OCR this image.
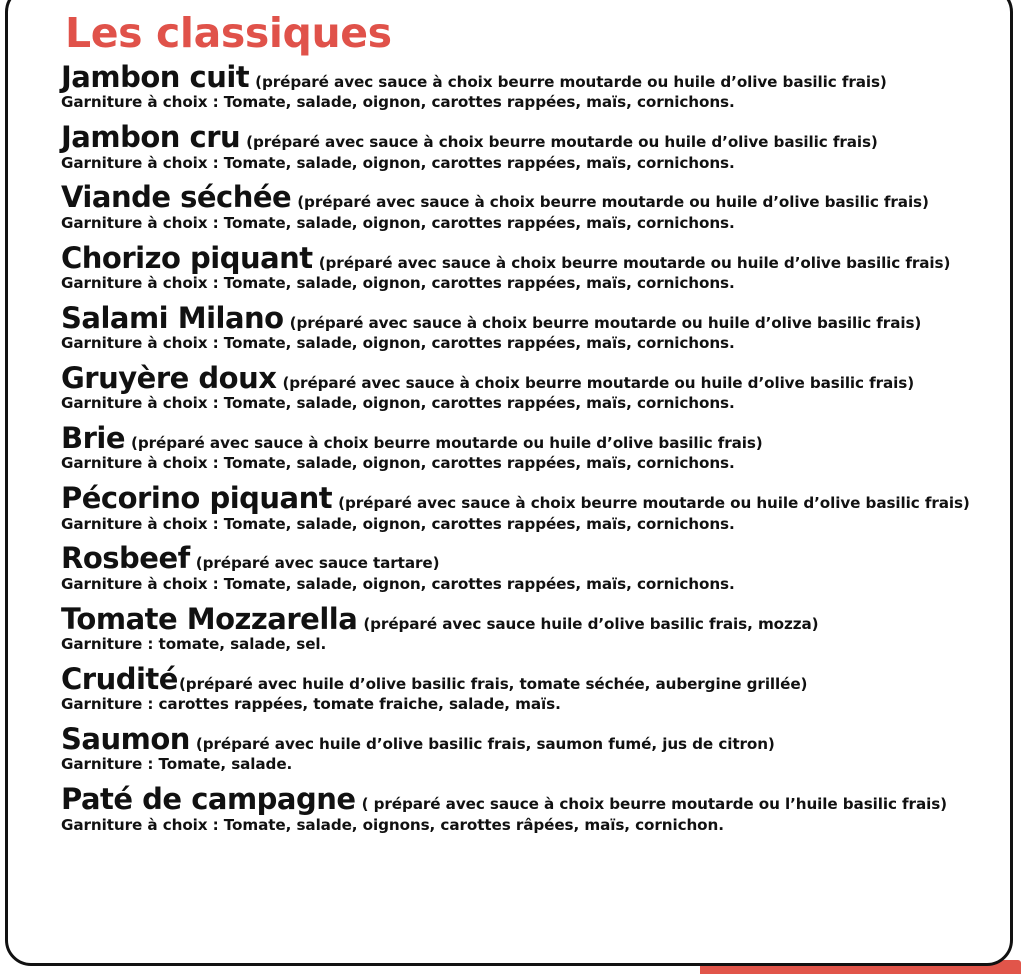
Les classiques
Jambon cuit (préparé avec sauce à choix beurre moutarde ou huile d’olive basilic frais)
Garniture à choix : Tomate, salade, oignon, carottes rappées, maïs, cornichons.
Jambon cru (préparé avec sauce à choix beurre moutarde ou huile d’olive basilic frais)
Garniture à choix : Tomate, salade, oignon, carottes rappées, maïs, cornichons.
Viande séchée (préparé avec sauce à choix beurre moutarde ou huile d’olive basilic frais)
Garniture à choix : Tomate, salade, oignon, carottes rappées, maïs, cornichons.
Chorizo piquant (préparé avec sauce à choix beurre moutarde ou huile d’olive basilic frais)
Garniture à choix : Tomate, salade, oignon, carottes rappées, maïs, cornichons.
Salami Milano (préparé avec sauce à choix beurre moutarde ou huile d’olive basilic frais)
Garniture à choix : Tomate, salade, oignon, carottes rappées, maïs, cornichons.
Gruyère doux (préparé avec sauce à choix beurre moutarde ou huile d’olive basilic frais)
Garniture à choix : Tomate, salade, oignon, carottes rappées, maïs, cornichons.
Brie (préparé avec sauce à choix beurre moutarde ou huile d’olive basilic frais)
Garniture à choix : Tomate, salade, oignon, carottes rappées, maïs, cornichons.
Pécorino piquant (préparé avec sauce à choix beurre moutarde ou huile d’olive basilic frais)
Garniture à choix : Tomate, salade, oignon, carottes rappées, maïs, cornichons.
Rosbeef (préparé avec sauce tartare)
Garniture à choix : Tomate, salade, oignon, carottes rappées, maïs, cornichons.
Tomate Mozzarella (préparé avec sauce huile d’olive basilic frais, mozza)
Garniture : tomate, salade, sel.
Crudité(préparé avec huile d’olive basilic frais, tomate séchée, aubergine grillée)
Garniture : carottes rappées, tomate fraiche, salade, maïs.
Saumon (préparé avec huile d’olive basilic frais, saumon fumé, jus de citron)
Garniture : Tomate, salade.
Paté de campagne ( préparé avec sauce à choix beurre moutarde ou l’huile basilic frais)
Garniture à choix : Tomate, salade, oignons, carottes râpées, maïs, cornichon.
